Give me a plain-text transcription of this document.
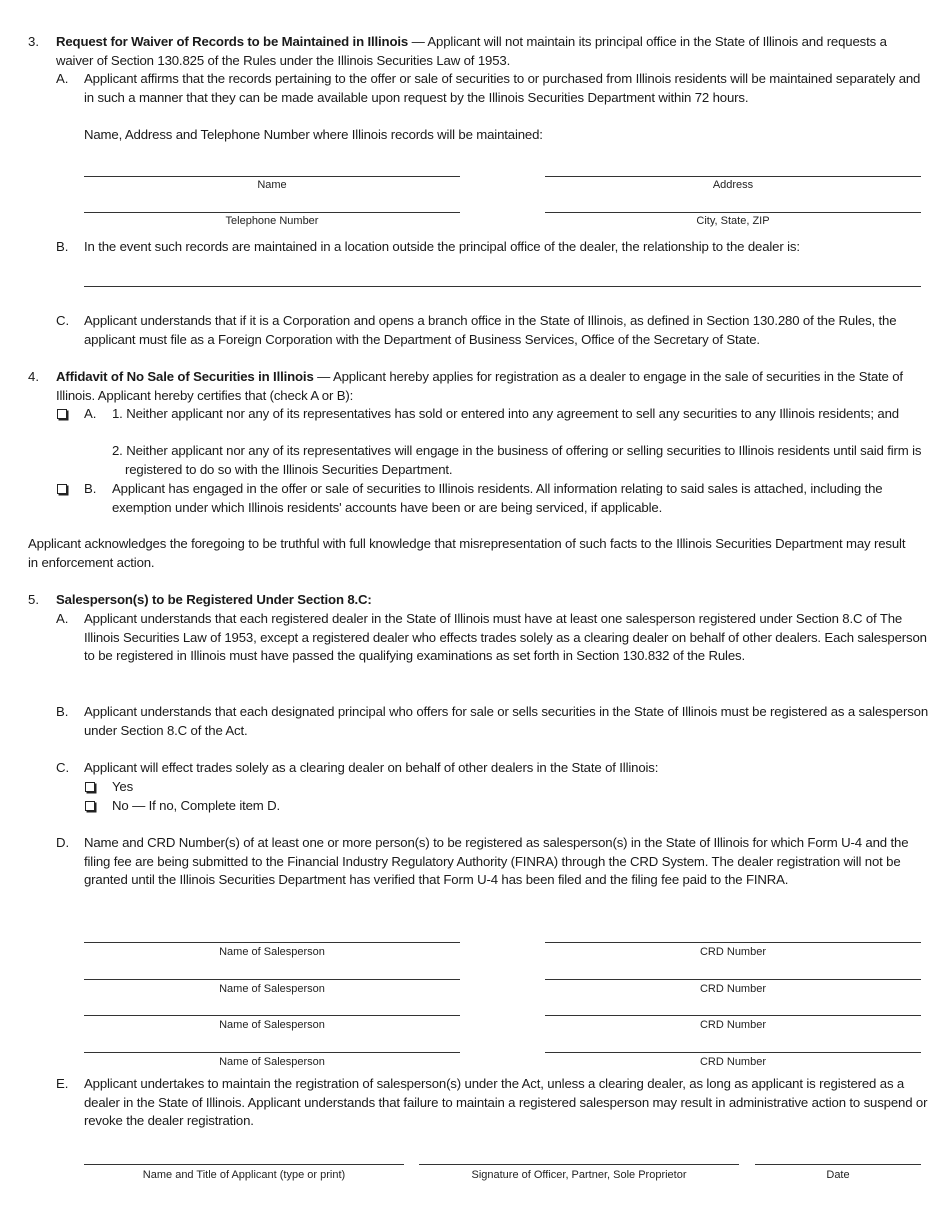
3. Request for Waiver of Records to be Maintained in Illinois — Applicant will not maintain its principal office in the State of Illinois and requests a waiver of Section 130.825 of the Rules under the Illinois Securities Law of 1953.
A. Applicant affirms that the records pertaining to the offer or sale of securities to or purchased from Illinois residents will be maintained separately and in such a manner that they can be made available upon request by the Illinois Securities Department within 72 hours.
Name, Address and Telephone Number where Illinois records will be maintained:
Name	Address
Telephone Number	City, State, ZIP
B. In the event such records are maintained in a location outside the principal office of the dealer, the relationship to the dealer is:
C. Applicant understands that if it is a Corporation and opens a branch office in the State of Illinois, as defined in Section 130.280 of the Rules, the applicant must file as a Foreign Corporation with the Department of Business Services, Office of the Secretary of State.
4. Affidavit of No Sale of Securities in Illinois — Applicant hereby applies for registration as a dealer to engage in the sale of securities in the State of Illinois. Applicant hereby certifies that (check A or B):
A. 1. Neither applicant nor any of its representatives has sold or entered into any agreement to sell any securities to any Illinois residents; and
2. Neither applicant nor any of its representatives will engage in the business of offering or selling securities to Illinois residents until said firm is registered to do so with the Illinois Securities Department.
B. Applicant has engaged in the offer or sale of securities to Illinois residents. All information relating to said sales is attached, including the exemption under which Illinois residents' accounts have been or are being serviced, if applicable.
Applicant acknowledges the foregoing to be truthful with full knowledge that misrepresentation of such facts to the Illinois Securities Department may result in enforcement action.
5. Salesperson(s) to be Registered Under Section 8.C:
A. Applicant understands that each registered dealer in the State of Illinois must have at least one salesperson registered under Section 8.C of The Illinois Securities Law of 1953, except a registered dealer who effects trades solely as a clearing dealer on behalf of other dealers. Each salesperson to be registered in Illinois must have passed the qualifying examinations as set forth in Section 130.832 of the Rules.
B. Applicant understands that each designated principal who offers for sale or sells securities in the State of Illinois must be registered as a salesperson under Section 8.C of the Act.
C. Applicant will effect trades solely as a clearing dealer on behalf of other dealers in the State of Illinois:
Yes
No — If no, Complete item D.
D. Name and CRD Number(s) of at least one or more person(s) to be registered as salesperson(s) in the State of Illinois for which Form U-4 and the filing fee are being submitted to the Financial Industry Regulatory Authority (FINRA) through the CRD System. The dealer registration will not be granted until the Illinois Securities Department has verified that Form U-4 has been filed and the filing fee paid to the FINRA.
Name of Salesperson	CRD Number
Name of Salesperson	CRD Number
Name of Salesperson	CRD Number
Name of Salesperson	CRD Number
E. Applicant undertakes to maintain the registration of salesperson(s) under the Act, unless a clearing dealer, as long as applicant is registered as a dealer in the State of Illinois. Applicant understands that failure to maintain a registered salesperson may result in administrative action to suspend or revoke the dealer registration.
Name and Title of Applicant (type or print)	Signature of Officer, Partner, Sole Proprietor	Date
